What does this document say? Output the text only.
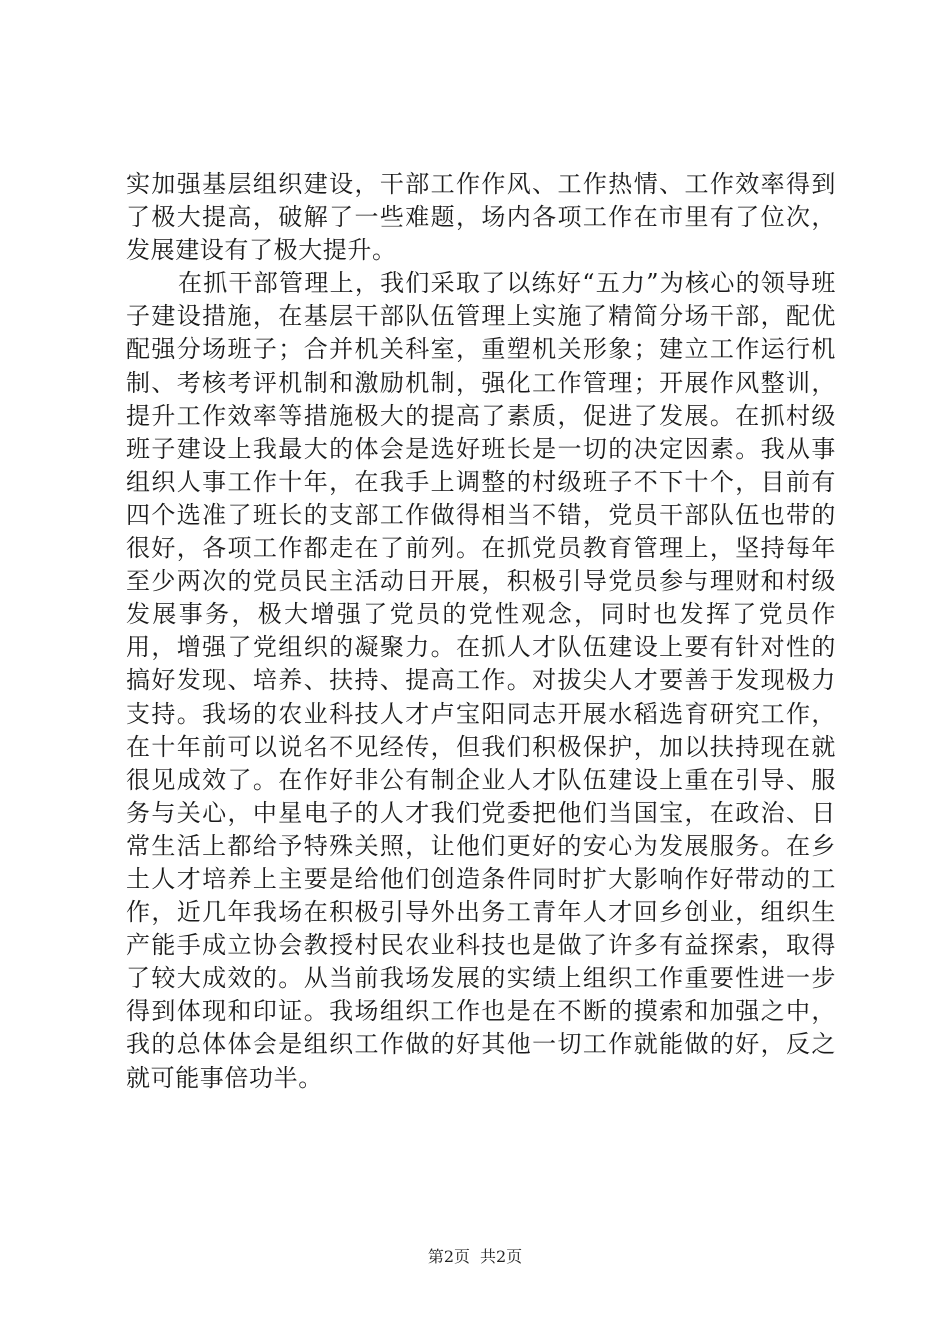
实加强基层组织建设，干部工作作风、工作热情、工作效率得到了极大提高，破解了一些难题，场内各项工作在市里有了位次，发展建设有了极大提升。

在抓干部管理上，我们采取了以练好“五力”为核心的领导班子建设措施，在基层干部队伍管理上实施了精简分场干部，配优配强分场班子；合并机关科室，重塑机关形象；建立工作运行机制、考核考评机制和激励机制，强化工作管理；开展作风整训，提升工作效率等措施极大的提高了素质，促进了发展。在抓村级班子建设上我最大的体会是选好班长是一切的决定因素。我从事组织人事工作十年，在我手上调整的村级班子不下十个，目前有四个选准了班长的支部工作做得相当不错，党员干部队伍也带的很好，各项工作都走在了前列。在抓党员教育管理上，坚持每年至少两次的党员民主活动日开展，积极引导党员参与理财和村级发展事务，极大增强了党员的党性观念，同时也发挥了党员作用，增强了党组织的凝聚力。在抓人才队伍建设上要有针对性的搞好发现、培养、扶持、提高工作。对拔尖人才要善于发现极力支持。我场的农业科技人才卢宝阳同志开展水稻选育研究工作，在十年前可以说名不见经传，但我们积极保护，加以扶持现在就很见成效了。在作好非公有制企业人才队伍建设上重在引导、服务与关心，中星电子的人才我们党委把他们当国宝，在政治、日常生活上都给予特殊关照，让他们更好的安心为发展服务。在乡土人才培养上主要是给他们创造条件同时扩大影响作好带动的工作，近几年我场在积极引导外出务工青年人才回乡创业，组织生产能手成立协会教授村民农业科技也是做了许多有益探索，取得了较大成效的。从当前我场发展的实绩上组织工作重要性进一步得到体现和印证。我场组织工作也是在不断的摸索和加强之中，我的总体体会是组织工作做的好其他一切工作就能做的好，反之就可能事倍功半。

第2页 共2页
